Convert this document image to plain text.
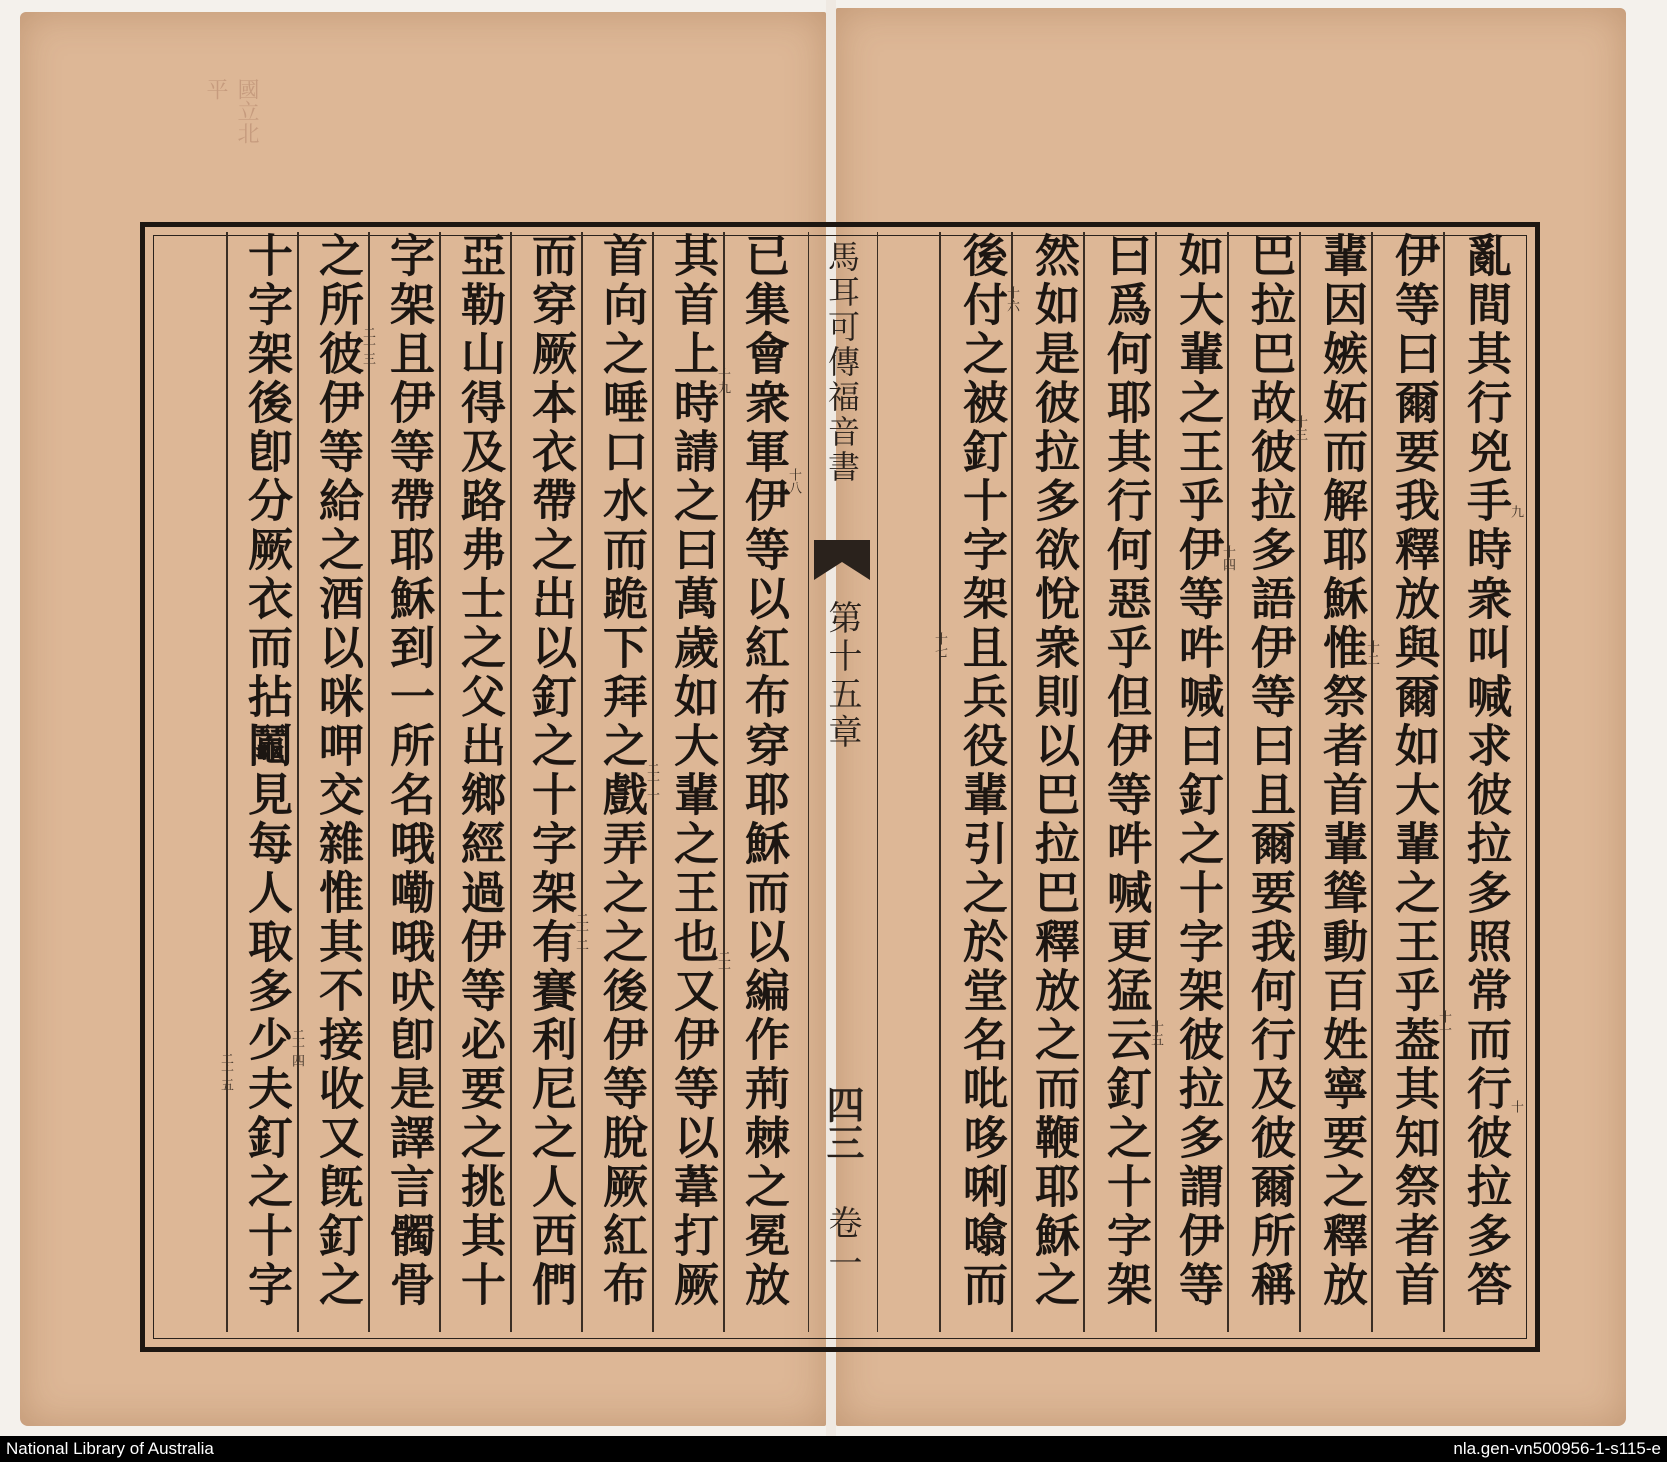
國立北平
馬耳可傳福音書
第十五章
四三
卷一	亂間其行兇手時衆叫喊求彼拉多照常而行彼拉多答
伊等曰爾要我釋放與爾如大輩之王乎葢其知祭者首
輩因嫉妬而解耶穌惟祭者首輩聳動百姓寧要之釋放
巴拉巴故彼拉多語伊等曰且爾要我何行及彼爾所稱
如大輩之王乎伊等吽喊曰釘之十字架彼拉多謂伊等
曰爲何耶其行何惡乎但伊等吽喊更猛云釘之十字架
然如是彼拉多欲悅衆則以巴拉巴釋放之而鞭耶穌之
後付之被釘十字架且兵役輩引之於堂名吡哆唎噏而
已集會衆軍伊等以紅布穿耶穌而以編作荊棘之冕放
其首上時請之曰萬歲如大輩之王也又伊等以葦打厥
首向之唾口水而跪下拜之戲弄之之後伊等脫厥紅布
而穿厥本衣帶之出以釘之十字架有賽利尼之人西們
亞勒山得及路弗士之父出鄉經過伊等必要之挑其十
字架且伊等帶耶穌到一所名哦嘞哦吠卽是譯言髑骨
之所彼伊等給之酒以咪呷交雜惟其不接收又旣釘之
十字架後卽分厥衣而拈鬮見每人取多少夫釘之十字	九
十
十一
十二
十三
十四
十五
十六
十七
十八
十九
二十
二十一
二十二
二十三
二十四
二十五
National Library of Australia	nla.gen-vn500956-1-s115-e
